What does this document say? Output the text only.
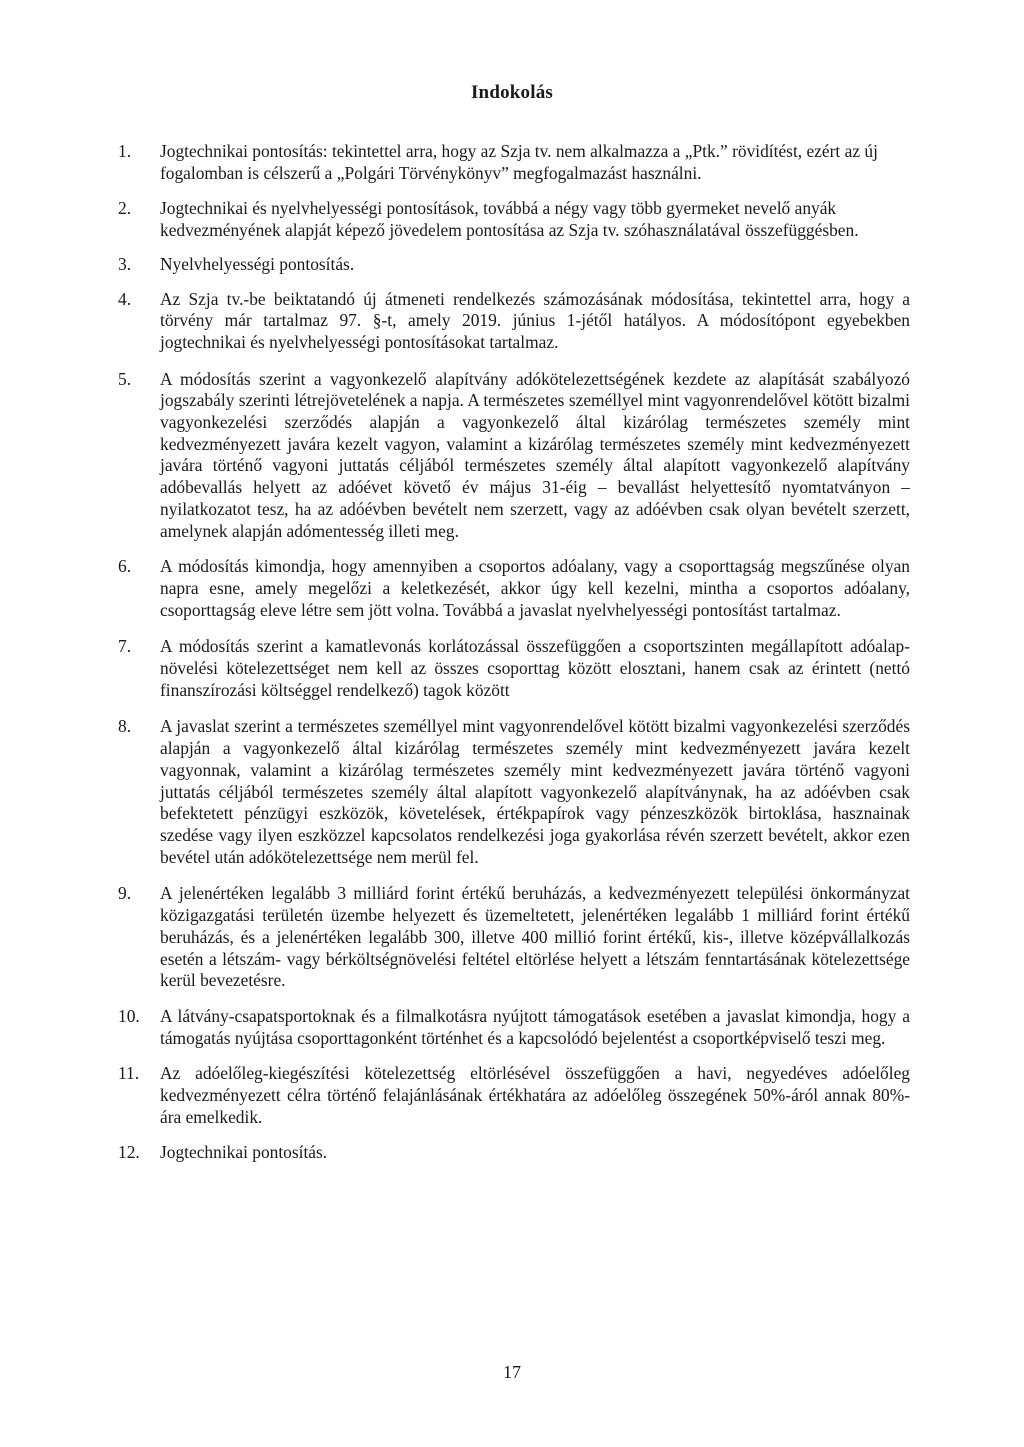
Indokolás
1.	Jogtechnikai pontosítás: tekintettel arra, hogy az Szja tv. nem alkalmazza a „Ptk.” rövidítést, ezért az új fogalomban is célszerű a „Polgári Törvénykönyv” megfogalmazást használni.
2.	Jogtechnikai és nyelvhelyességi pontosítások, továbbá a négy vagy több gyermeket nevelő anyák kedvezményének alapját képező jövedelem pontosítása az Szja tv. szóhasználatával összefüggésben.
3.	Nyelvhelyességi pontosítás.
4.	Az Szja tv.-be beiktatandó új átmeneti rendelkezés számozásának módosítása, tekintettel arra, hogy a törvény már tartalmaz 97. §-t, amely 2019. június 1-jétől hatályos. A módosítópont egyebekben jogtechnikai és nyelvhelyességi pontosításokat tartalmaz.
5.	A módosítás szerint a vagyonkezelő alapítvány adókötelezettségének kezdete az alapítását szabályozó jogszabály szerinti létrejövetelének a napja. A természetes személlyel mint vagyonrendelővel kötött bizalmi vagyonkezelési szerződés alapján a vagyonkezelő által kizárólag természetes személy mint kedvezményezett javára kezelt vagyon, valamint a kizárólag természetes személy mint kedvezményezett javára történő vagyoni juttatás céljából természetes személy által alapított vagyonkezelő alapítvány adóbevallás helyett az adóévet követő év május 31-éig – bevallást helyettesítő nyomtatványon – nyilatkozatot tesz, ha az adóévben bevételt nem szerzett, vagy az adóévben csak olyan bevételt szerzett, amelynek alapján adómentesség illeti meg.
6.	A módosítás kimondja, hogy amennyiben a csoportos adóalany, vagy a csoporttagság megszűnése olyan napra esne, amely megelőzi a keletkezését, akkor úgy kell kezelni, mintha a csoportos adóalany, csoporttagság eleve létre sem jött volna. Továbbá a javaslat nyelvhelyességi pontosítást tartalmaz.
7.	A módosítás szerint a kamatlevonás korlátozással összefüggően a csoportszinten megállapított adóalap-növelési kötelezettséget nem kell az összes csoporttag között elosztani, hanem csak az érintett (nettó finanszírozási költséggel rendelkező) tagok között
8.	A javaslat szerint a természetes személlyel mint vagyonrendelővel kötött bizalmi vagyonkezelési szerződés alapján a vagyonkezelő által kizárólag természetes személy mint kedvezményezett javára kezelt vagyonnak, valamint a kizárólag természetes személy mint kedvezményezett javára történő vagyoni juttatás céljából természetes személy által alapított vagyonkezelő alapítványnak, ha az adóévben csak befektetett pénzügyi eszközök, követelések, értékpapírok vagy pénzeszközök birtoklása, hasznainak szedése vagy ilyen eszközzel kapcsolatos rendelkezési joga gyakorlása révén szerzett bevételt, akkor ezen bevétel után adókötelezettsége nem merül fel.
9.	A jelenértéken legalább 3 milliárd forint értékű beruházás, a kedvezményezett települési önkormányzat közigazgatási területén üzembe helyezett és üzemeltetett, jelenértéken legalább 1 milliárd forint értékű beruházás, és a jelenértéken legalább 300, illetve 400 millió forint értékű, kis-, illetve középvállalkozás esetén a létszám- vagy bérköltségnövelési feltétel eltörlése helyett a létszám fenntartásának kötelezettsége kerül bevezetésre.
10.	A látvány-csapatsportoknak és a filmalkotásra nyújtott támogatások esetében a javaslat kimondja, hogy a támogatás nyújtása csoporttagonként történhet és a kapcsolódó bejelentést a csoportképviselő teszi meg.
11.	Az adóelőleg-kiegészítési kötelezettség eltörlésével összefüggően a havi, negyedéves adóelőleg kedvezményezett célra történő felajánlásának értékhatára az adóelőleg összegének 50%-áról annak 80%-ára emelkedik.
12.	Jogtechnikai pontosítás.
17
